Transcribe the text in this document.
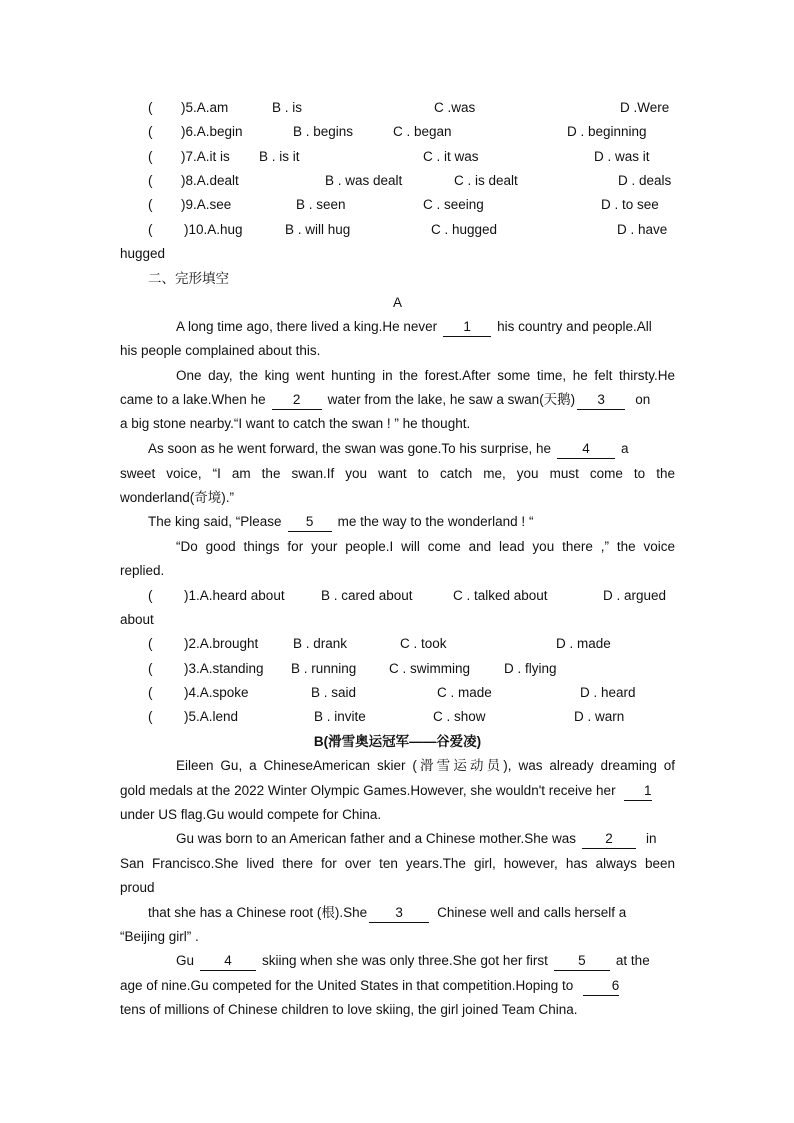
( )5.A.am	B . is	C .was	D .Were
( )6.A.begin	B . begins	C . began	D . beginning
( )7.A.it is B . is it	C . it was	D . was it
( )8.A.dealt	B . was dealt	C . is dealt	D . deals
( )9.A.see	B . seen	C . seeing	D . to see
( )10.A.hug	B . will hug	C . hugged	D . have
hugged
二、完形填空
A
A long time ago, there lived a king.He never 1 his country and people.All
his people complained about this.
One day, the king went hunting in the forest.After some time, he felt thirsty.He
came to a lake.When he 2 water from the lake, he saw a swan(天鹅) 3 on
a big stone nearby.“I want to catch the swan ! ” he thought.
As soon as he went forward, the swan was gone.To his surprise, he 4 a
sweet voice, “I am the swan.If you want to catch me, you must come to the
wonderland(奇境).”
The king said, “Please 5 me the way to the wonderland ! “
“Do good things for your people.I will come and lead you there ,” the voice
replied.
( )1.A.heard about	B . cared about	C . talked about	D . argued
about
( )2.A.brought	B . drank	C . took	D . made
( )3.A.standing B . running C . swimming	D . flying
( )4.A.spoke	B . said	C . made	D . heard
( )5.A.lend	B . invite	C . show	D . warn
B(滑雪奥运冠军——谷爱凌)
Eileen Gu, a ChineseAmerican skier (滑雪运动员), was already dreaming of
gold medals at the 2022 Winter Olympic Games.However, she wouldn't receive her 1
under US flag.Gu would compete for China.
Gu was born to an American father and a Chinese mother.She was 2 in
San Francisco.She lived there for over ten years.The girl, however, has always been
proud
that she has a Chinese root (根).She 3	Chinese well and calls herself a
“Beijing girl” .
Gu 4 skiing when she was only three.She got her first 5 at the
age of nine.Gu competed for the United States in that competition.Hoping to	6
tens of millions of Chinese children to love skiing, the girl joined Team China.
